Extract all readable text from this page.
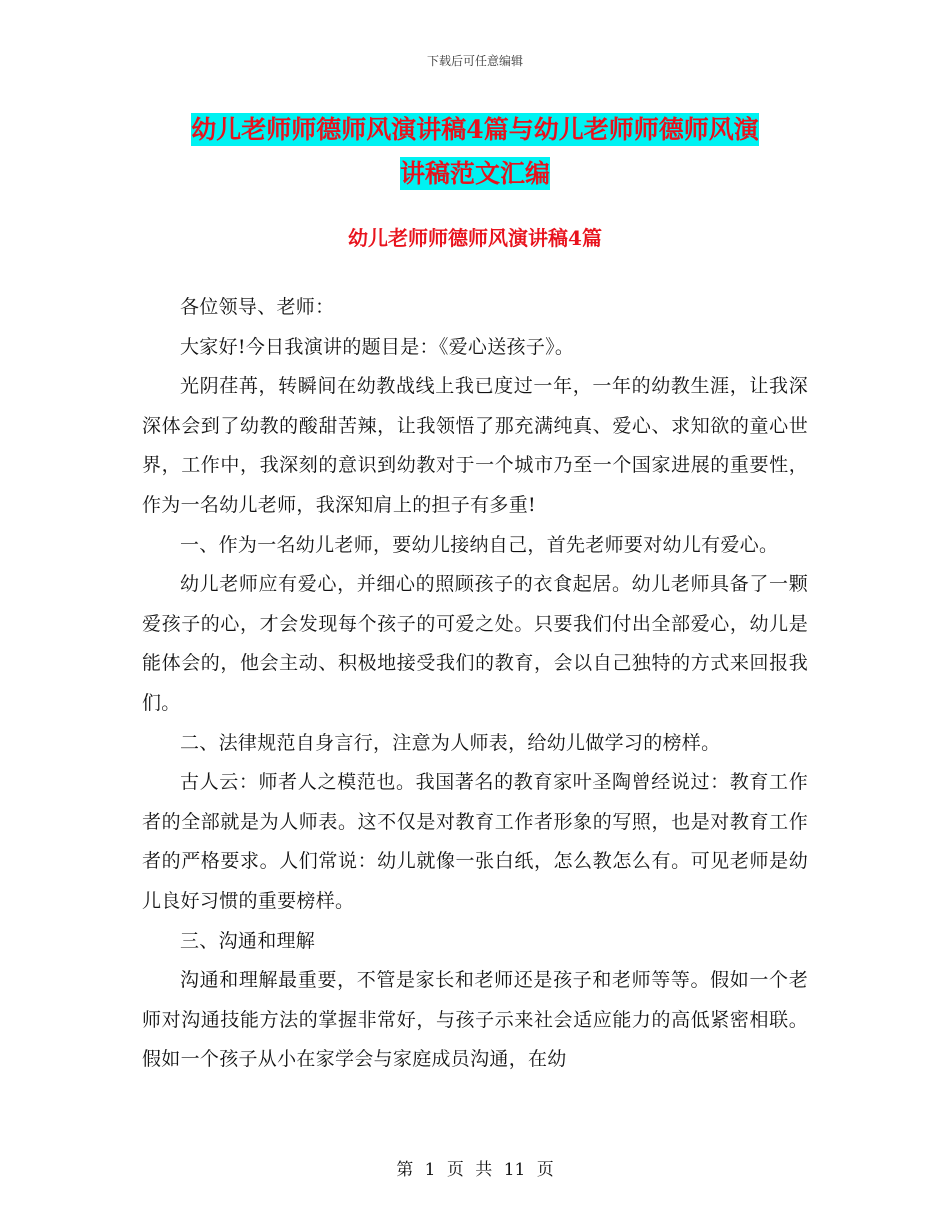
下载后可任意编辑
幼儿老师师德师风演讲稿4篇与幼儿老师师德师风演
讲稿范文汇编
幼儿老师师德师风演讲稿4篇

各位领导、老师：

大家好!今日我演讲的题目是：《爱心送孩子》。

光阴荏苒，转瞬间在幼教战线上我已度过一年，一年的幼教生涯，让我深深体会到了幼教的酸甜苦辣，让我领悟了那充满纯真、爱心、求知欲的童心世界，工作中，我深刻的意识到幼教对于一个城市乃至一个国家进展的重要性，作为一名幼儿老师，我深知肩上的担子有多重!

一、作为一名幼儿老师，要幼儿接纳自己，首先老师要对幼儿有爱心。

幼儿老师应有爱心，并细心的照顾孩子的衣食起居。幼儿老师具备了一颗爱孩子的心，才会发现每个孩子的可爱之处。只要我们付出全部爱心，幼儿是能体会的，他会主动、积极地接受我们的教育，会以自己独特的方式来回报我们。

二、法律规范自身言行，注意为人师表，给幼儿做学习的榜样。

古人云：师者人之模范也。我国著名的教育家叶圣陶曾经说过：教育工作者的全部就是为人师表。这不仅是对教育工作者形象的写照，也是对教育工作者的严格要求。人们常说：幼儿就像一张白纸，怎么教怎么有。可见老师是幼儿良好习惯的重要榜样。

三、沟通和理解

沟通和理解最重要，不管是家长和老师还是孩子和老师等等。假如一个老师对沟通技能方法的掌握非常好，与孩子示来社会适应能力的高低紧密相联。假如一个孩子从小在家学会与家庭成员沟通，在幼

第 1 页 共 11 页
